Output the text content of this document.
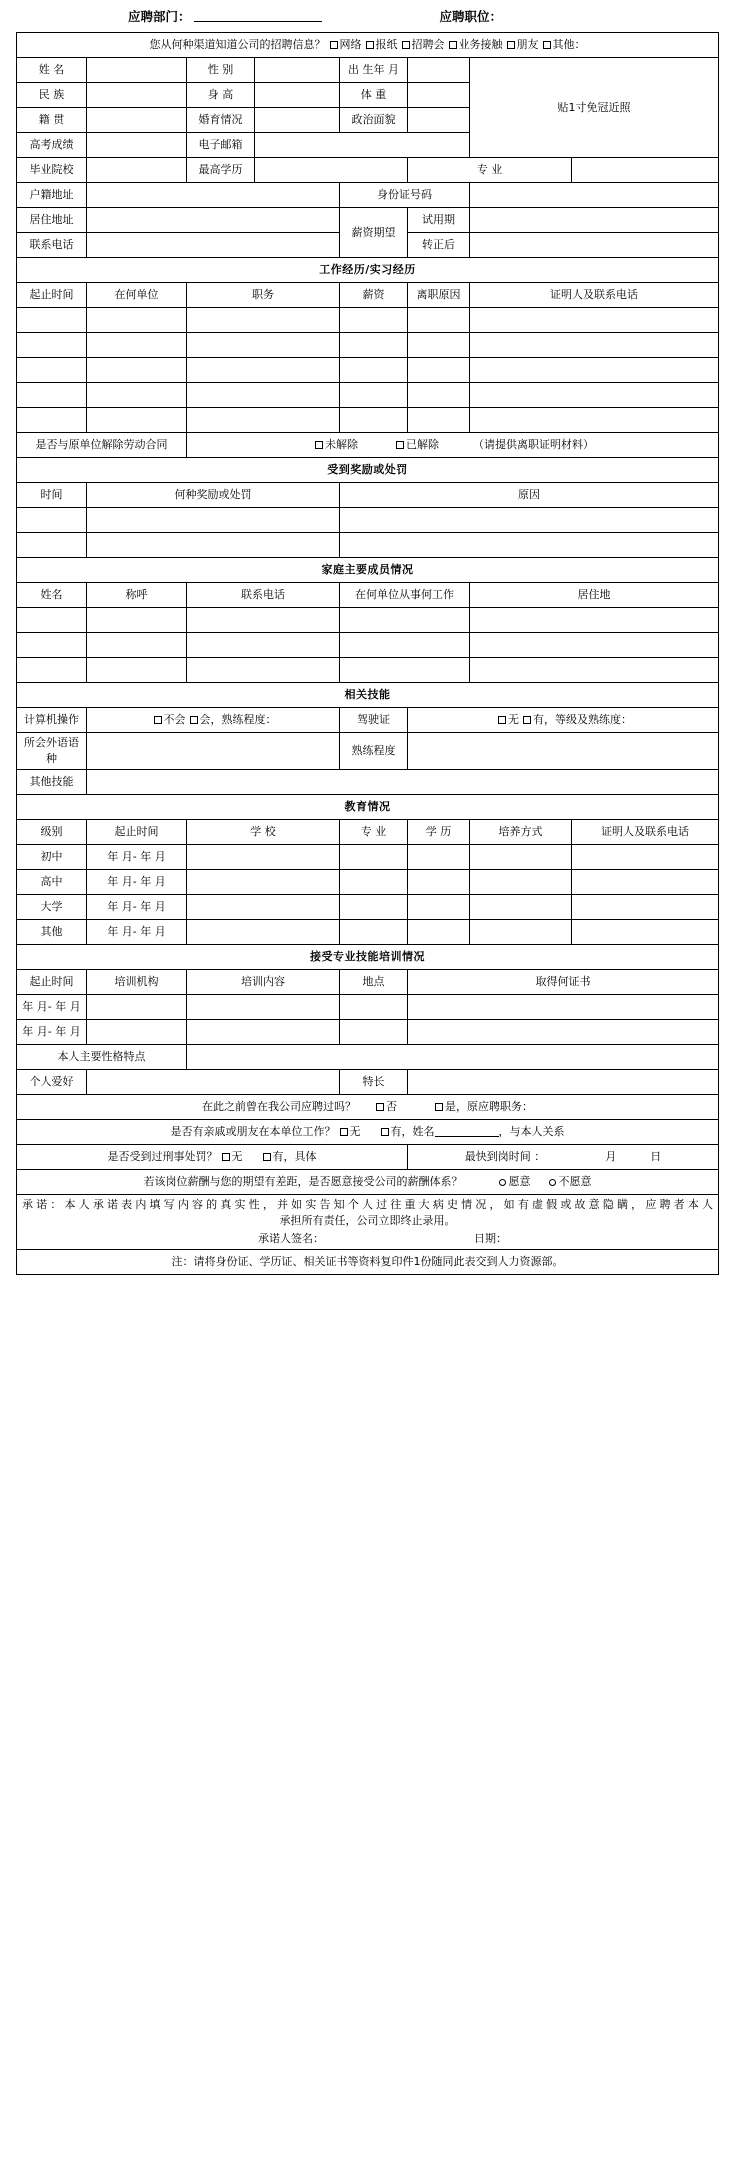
应聘部门：	应聘职位：
您从何种渠道知道公司的招聘信息？ 网络 报纸 招聘会 业务接触 朋友 其他：							
姓 名		性 别		出 生年 月		贴1寸免冠近照	
民 族		身 高		体 重			
籍 贯		婚育情况		政治面貌			
高考成绩		电子邮箱					
毕业院校		最高学历			专 业		
户籍地址				身份证号码			
居住地址				薪资期望	试用期		
联系电话					转正后		
工作经历/实习经历							
起止时间	在何单位	职务		薪资	离职原因	证明人及联系电话	

是否与原单位解除劳动合同		未解除 已解除 （请提供离职证明材料）					
受到奖励或处罚							
时间	何种奖励或处罚			原因			

家庭主要成员情况							
姓名	称呼	联系电话		在何单位从事何工作		居住地	

相关技能							
计算机操作	不会 会，熟练程度：			驾驶证	无 有，等级及熟练度：		
所会外语语种				熟练程度			
其他技能							
教育情况							
级别	起止时间	学 校		专 业	学 历	培养方式	证明人及联系电话
初中	年 月- 年 月						
高中	年 月- 年 月						
大学	年 月- 年 月						
其他	年 月- 年 月						
接受专业技能培训情况							
起止时间	培训机构	培训内容		地点	取得何证书		
年 月- 年 月							
年 月- 年 月							
本人主要性格特点							
个人爱好				特长			
在此之前曾在我公司应聘过吗？ 否 是，原应聘职务：							
是否有亲戚或朋友在本单位工作？ 无 有，姓名 ，与本人关系							
是否受到过刑事处罚？ 无 有，具体					最快到岗时间 ： 月 日		
若该岗位薪酬与您的期望有差距，是否愿意接受公司的薪酬体系？ 愿意 不愿意							

承诺：本人承诺表内填写内容的真实性，并如实告知个人过往重大病史情况，如有虚假或故意隐瞒，应聘者本人
承担所有责任，公司立即终止录用。
承诺人签名： 日期：							

注：请将身份证、学历证、相关证书等资料复印件1份随同此表交到人力资源部。							
